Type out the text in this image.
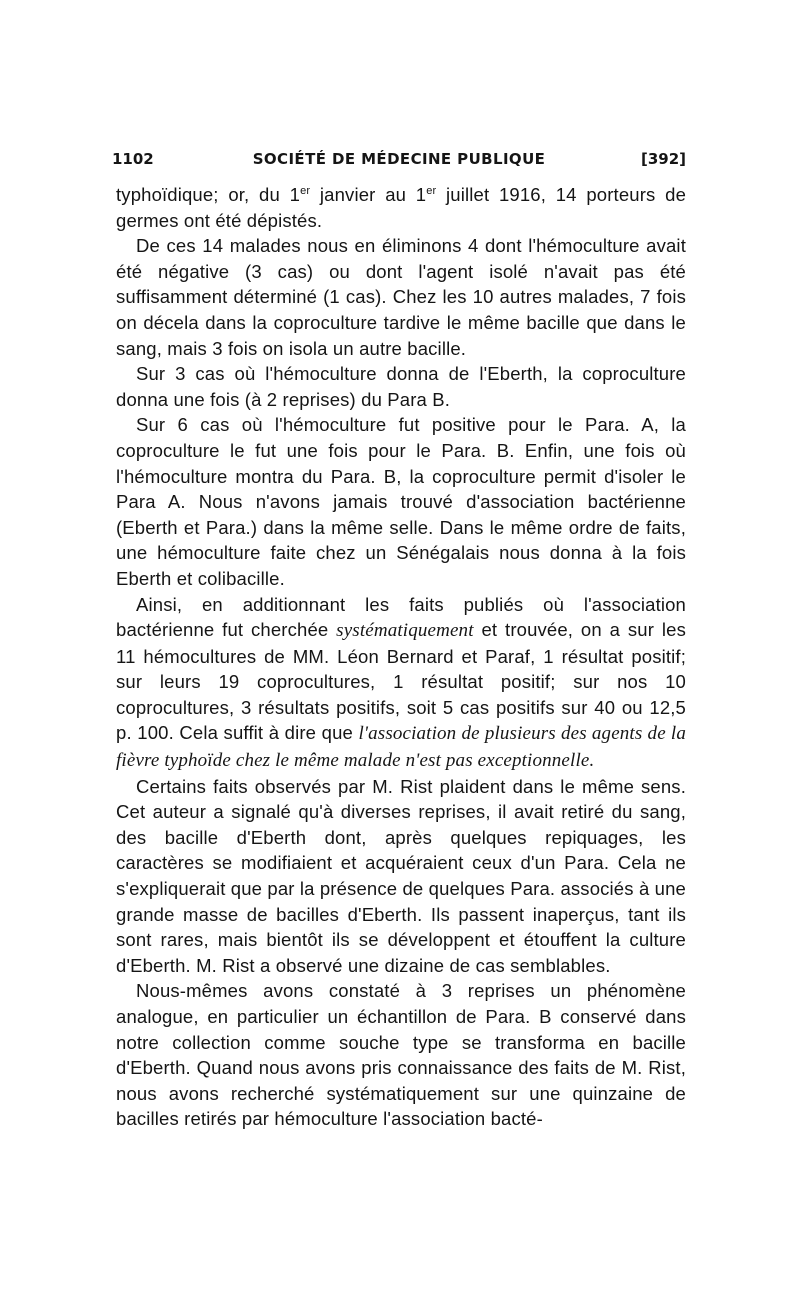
1102	SOCIÉTÉ DE MÉDECINE PUBLIQUE	[392]

typhoïdique; or, du 1er janvier au 1er juillet 1916, 14 porteurs de germes ont été dépistés.

De ces 14 malades nous en éliminons 4 dont l'hémoculture avait été négative (3 cas) ou dont l'agent isolé n'avait pas été suffisamment déterminé (1 cas). Chez les 10 autres malades, 7 fois on décela dans la coproculture tardive le même bacille que dans le sang, mais 3 fois on isola un autre bacille.

Sur 3 cas où l'hémoculture donna de l'Eberth, la coproculture donna une fois (à 2 reprises) du Para B.

Sur 6 cas où l'hémoculture fut positive pour le Para. A, la coproculture le fut une fois pour le Para. B. Enfin, une fois où l'hémoculture montra du Para. B, la coproculture permit d'isoler le Para A. Nous n'avons jamais trouvé d'association bactérienne (Eberth et Para.) dans la même selle. Dans le même ordre de faits, une hémoculture faite chez un Sénégalais nous donna à la fois Eberth et colibacille.

Ainsi, en additionnant les faits publiés où l'association bactérienne fut cherchée systématiquement et trouvée, on a sur les 11 hémocultures de MM. Léon Bernard et Paraf, 1 résultat positif; sur leurs 19 coprocultures, 1 résultat positif; sur nos 10 coprocultures, 3 résultats positifs, soit 5 cas positifs sur 40 ou 12,5 p. 100. Cela suffit à dire que l'association de plusieurs des agents de la fièvre typhoïde chez le même malade n'est pas exceptionnelle.

Certains faits observés par M. Rist plaident dans le même sens. Cet auteur a signalé qu'à diverses reprises, il avait retiré du sang, des bacille d'Eberth dont, après quelques repiquages, les caractères se modifiaient et acquéraient ceux d'un Para. Cela ne s'expliquerait que par la présence de quelques Para. associés à une grande masse de bacilles d'Eberth. Ils passent inaperçus, tant ils sont rares, mais bientôt ils se développent et étouffent la culture d'Eberth. M. Rist a observé une dizaine de cas semblables.

Nous-mêmes avons constaté à 3 reprises un phénomène analogue, en particulier un échantillon de Para. B conservé dans notre collection comme souche type se transforma en bacille d'Eberth. Quand nous avons pris connaissance des faits de M. Rist, nous avons recherché systématiquement sur une quinzaine de bacilles retirés par hémoculture l'association bacté-
